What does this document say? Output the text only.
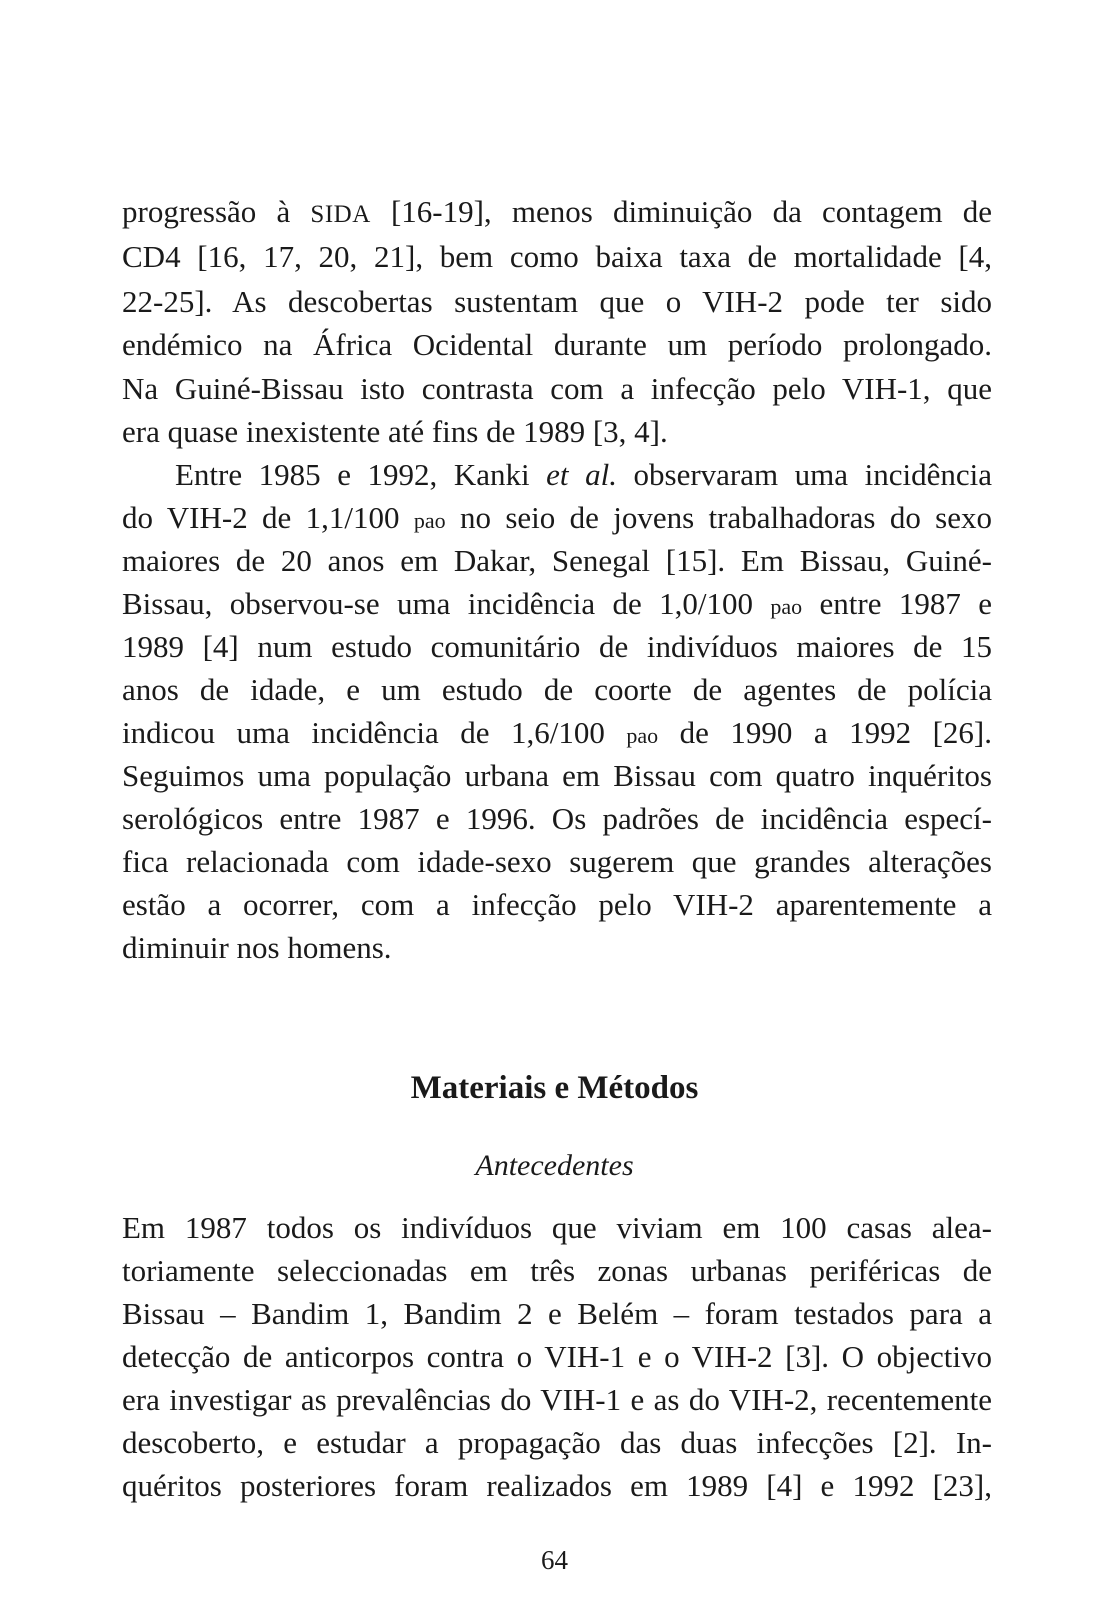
progressão à SIDA [16-19], menos diminuição da contagem de
CD4 [16, 17, 20, 21], bem como baixa taxa de mortalidade [4,
22-25]. As descobertas sustentam que o VIH-2 pode ter sido
endémico na África Ocidental durante um período prolongado.
Na Guiné-Bissau isto contrasta com a infecção pelo VIH-1, que
era quase inexistente até fins de 1989 [3, 4].
Entre 1985 e 1992, Kanki et al. observaram uma incidência
do VIH-2 de 1,1/100 pao no seio de jovens trabalhadoras do sexo
maiores de 20 anos em Dakar, Senegal [15]. Em Bissau, Guiné-
Bissau, observou-se uma incidência de 1,0/100 pao entre 1987 e
1989 [4] num estudo comunitário de indivíduos maiores de 15
anos de idade, e um estudo de coorte de agentes de polícia
indicou uma incidência de 1,6/100 pao de 1990 a 1992 [26].
Seguimos uma população urbana em Bissau com quatro inquéritos
serológicos entre 1987 e 1996. Os padrões de incidência especí-
fica relacionada com idade-sexo sugerem que grandes alterações
estão a ocorrer, com a infecção pelo VIH-2 aparentemente a
diminuir nos homens.
Materiais e Métodos
Antecedentes
Em 1987 todos os indivíduos que viviam em 100 casas alea-
toriamente seleccionadas em três zonas urbanas periféricas de
Bissau – Bandim 1, Bandim 2 e Belém – foram testados para a
detecção de anticorpos contra o VIH-1 e o VIH-2 [3]. O objectivo
era investigar as prevalências do VIH-1 e as do VIH-2, recentemente
descoberto, e estudar a propagação das duas infecções [2]. In-
quéritos posteriores foram realizados em 1989 [4] e 1992 [23],
64
